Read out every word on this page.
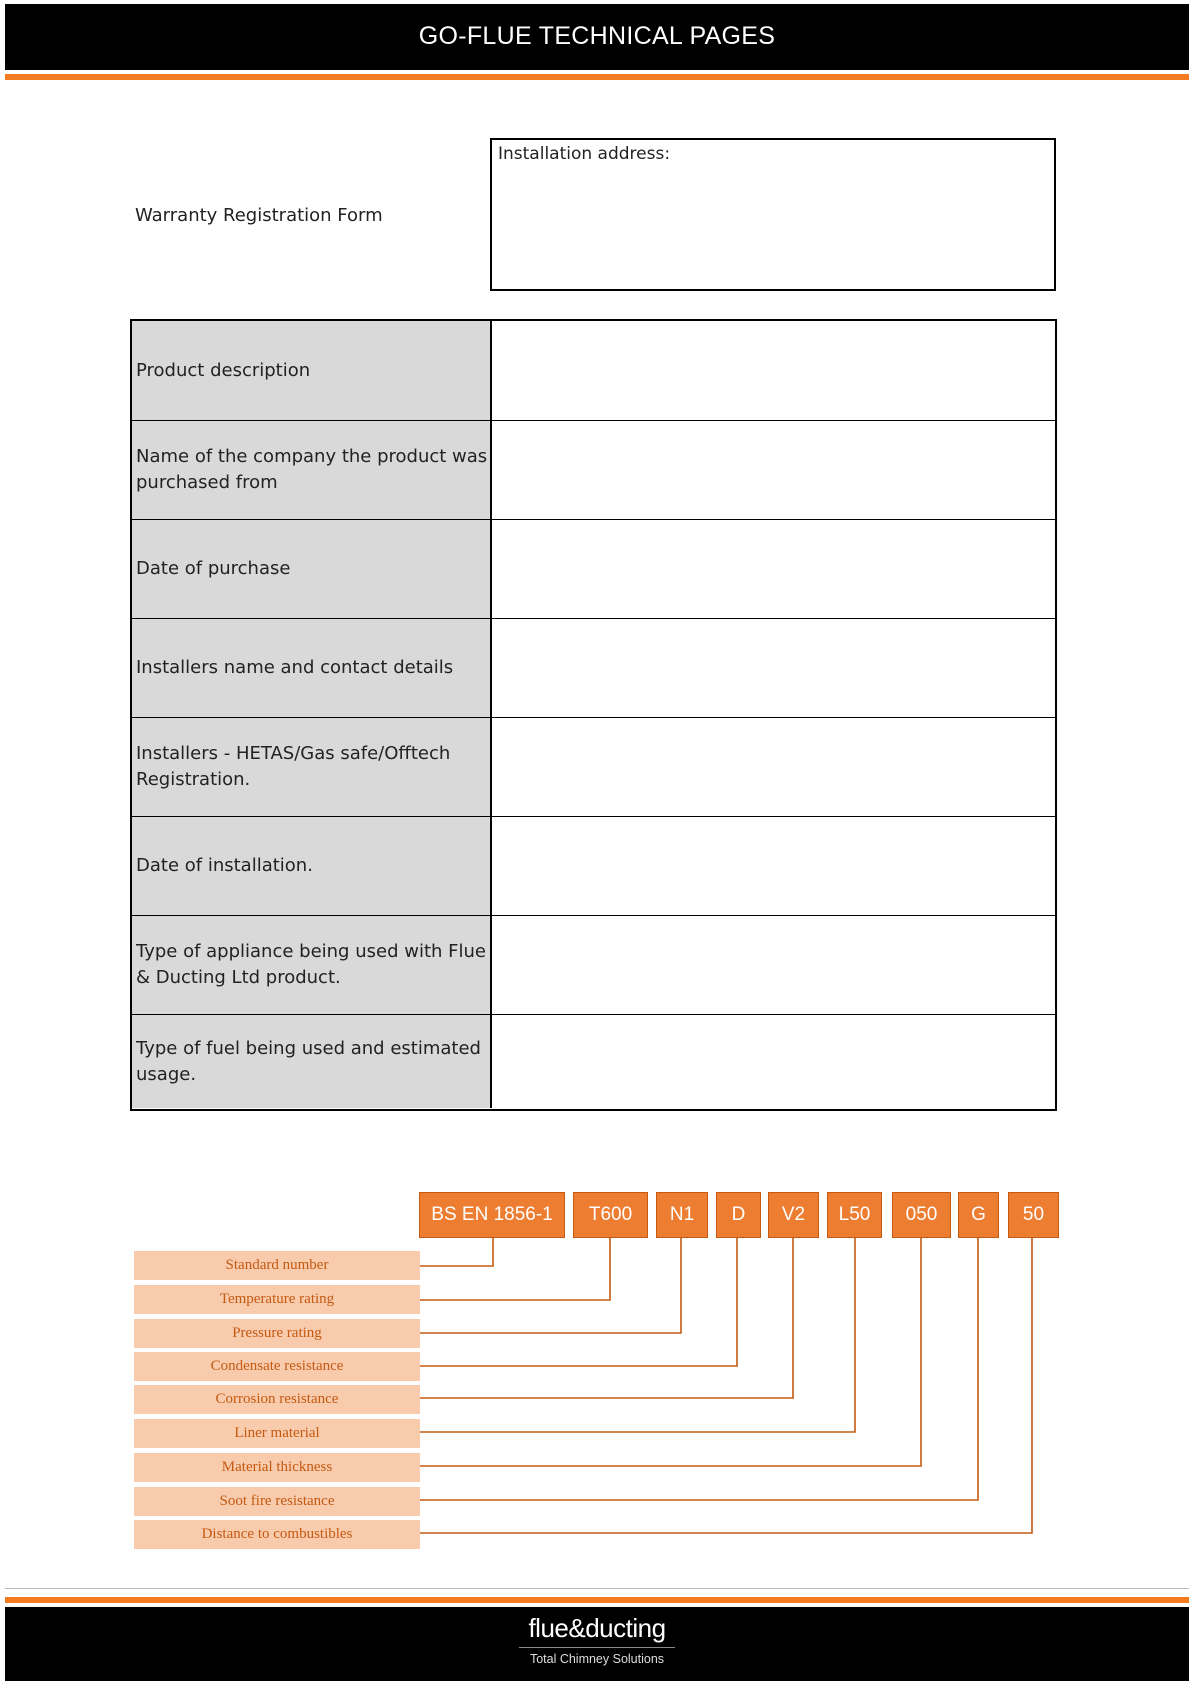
GO-FLUE TECHNICAL PAGES
Warranty Registration Form
Installation address:
Product description
Name of the company the product was purchased from
Date of purchase
Installers name and contact details
Installers - HETAS/Gas safe/Offtech Registration.
Date of installation.
Type of appliance being used with Flue & Ducting Ltd product.
Type of fuel being used and estimated usage.
BS EN 1856-1	T600	N1	D	V2	L50	050	G	50
Standard number
Temperature rating
Pressure rating
Condensate resistance
Corrosion resistance
Liner material
Material thickness
Soot fire resistance
Distance to combustibles
flue&ducting
Total Chimney Solutions
